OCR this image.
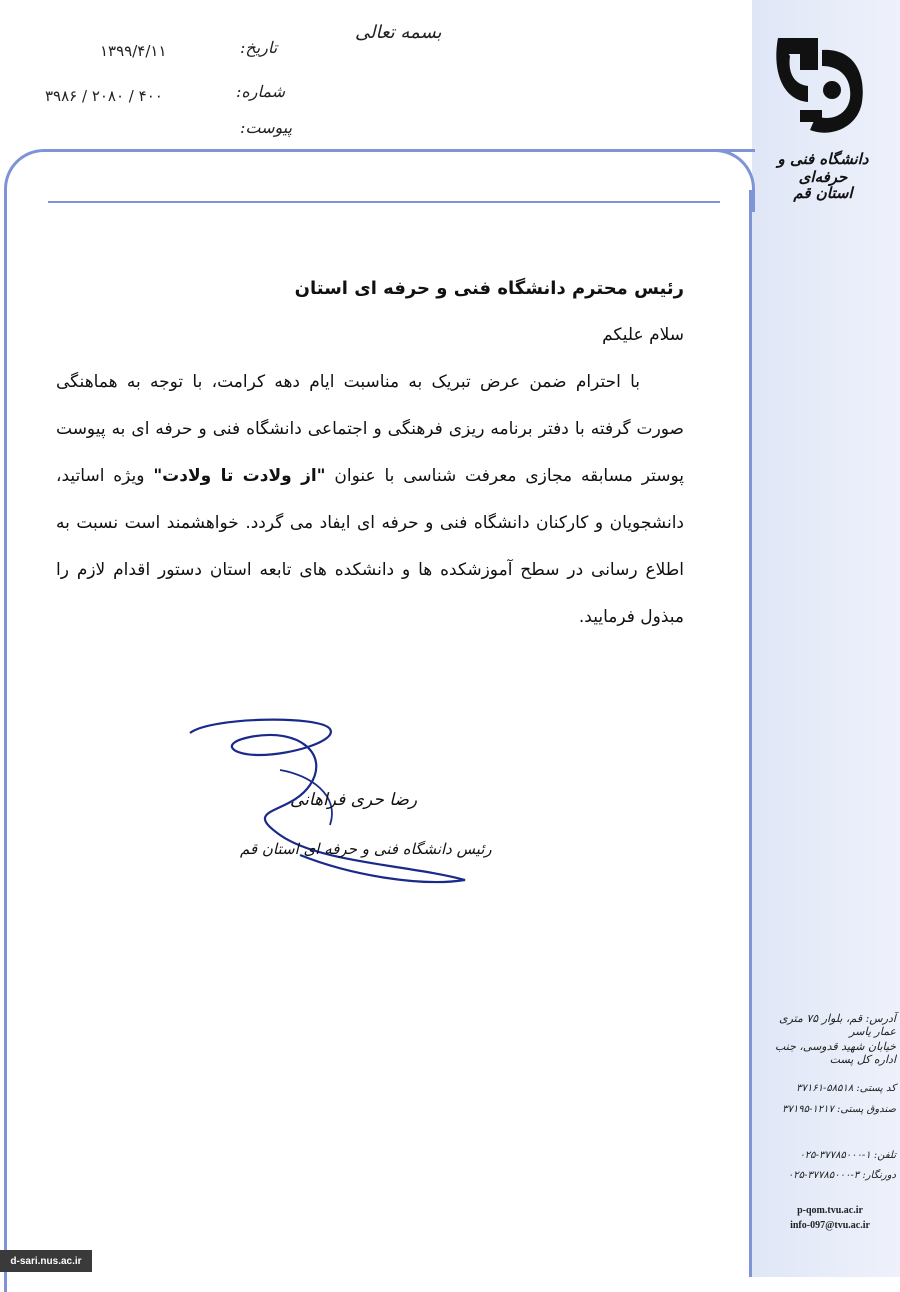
بسمه تعالی
تاریخ:
۱۳۹۹/۴/۱۱
شماره:
۳۹۸۶ / ۲۰۸۰ / ۴۰۰
پیوست:
دانشگاه فنی و حرفه‌ای
استان قم

رئیس محترم دانشگاه فنی و حرفه ای استان

سلام علیکم

با احترام ضمن عرض تبریک به مناسبت ایام دهه کرامت، با توجه به هماهنگی صورت گرفته با دفتر برنامه ریزی فرهنگی و اجتماعی دانشگاه فنی و حرفه ای به پیوست پوستر مسابقه مجازی معرفت شناسی با عنوان "از ولادت تا ولادت" ویژه اساتید، دانشجویان و کارکنان دانشگاه فنی و حرفه ای ایفاد می گردد. خواهشمند است نسبت به اطلاع رسانی در سطح آموزشکده ها و دانشکده های تابعه استان دستور اقدام لازم را مبذول فرمایید.

رضا حری فراهانی
رئیس دانشگاه فنی و حرفه ای استان قم
آدرس: قم، بلوار ۷۵ متری عمار یاسر
خیابان شهید قدوسی، جنب اداره کل پست
کد پستی: ۵۸۵۱۸-۳۷۱۶۱
صندوق پستی: ۱۲۱۷-۳۷۱۹۵
تلفن: ۱-۳۷۷۸۵۰۰۰-۰۲۵
دورنگار: ۳-۳۷۷۸۵۰۰۰-۰۲۵
p-qom.tvu.ac.ir
info-097@tvu.ac.ir
d-sari.nus.ac.ir
